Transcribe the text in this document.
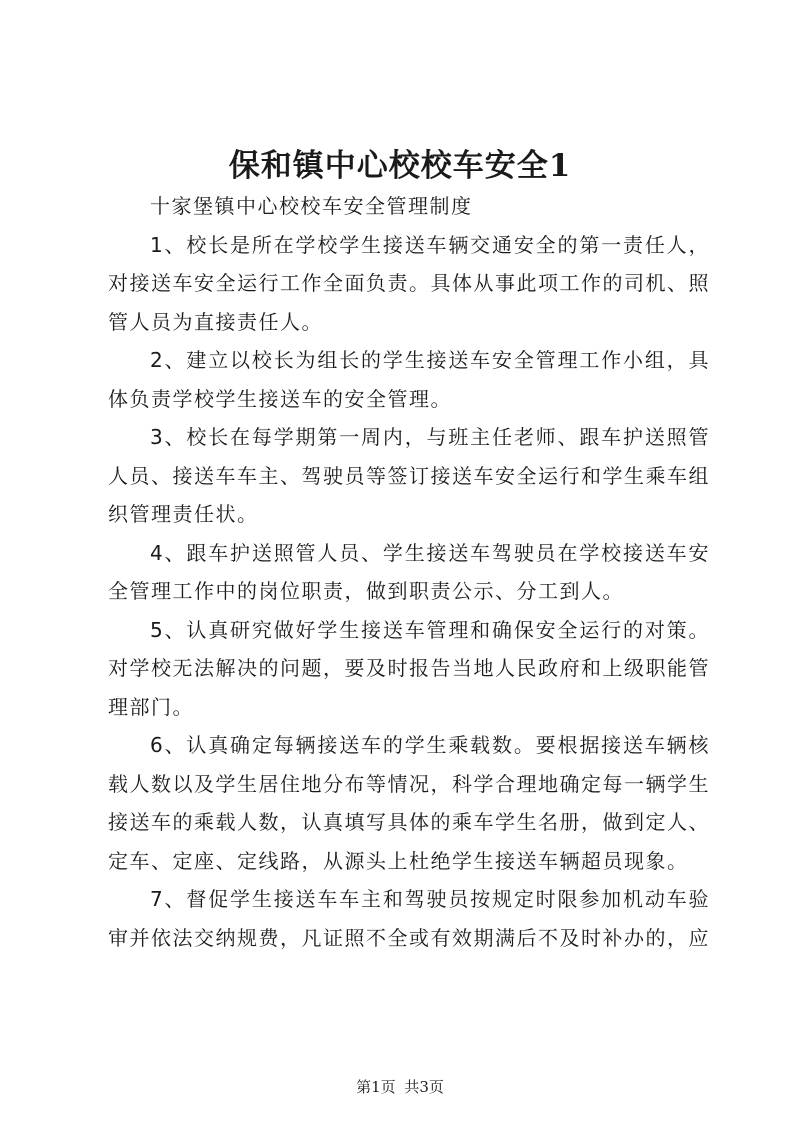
保和镇中心校校车安全1

十家堡镇中心校校车安全管理制度

1、校长是所在学校学生接送车辆交通安全的第一责任人，对接送车安全运行工作全面负责。具体从事此项工作的司机、照管人员为直接责任人。

2、建立以校长为组长的学生接送车安全管理工作小组，具体负责学校学生接送车的安全管理。

3、校长在每学期第一周内，与班主任老师、跟车护送照管人员、接送车车主、驾驶员等签订接送车安全运行和学生乘车组织管理责任状。

4、跟车护送照管人员、学生接送车驾驶员在学校接送车安全管理工作中的岗位职责，做到职责公示、分工到人。

5、认真研究做好学生接送车管理和确保安全运行的对策。对学校无法解决的问题，要及时报告当地人民政府和上级职能管理部门。

6、认真确定每辆接送车的学生乘载数。要根据接送车辆核载人数以及学生居住地分布等情况，科学合理地确定每一辆学生接送车的乘载人数，认真填写具体的乘车学生名册，做到定人、定车、定座、定线路，从源头上杜绝学生接送车辆超员现象。

7、督促学生接送车车主和驾驶员按规定时限参加机动车验审并依法交纳规费，凡证照不全或有效期满后不及时补办的，应

第1页 共3页
